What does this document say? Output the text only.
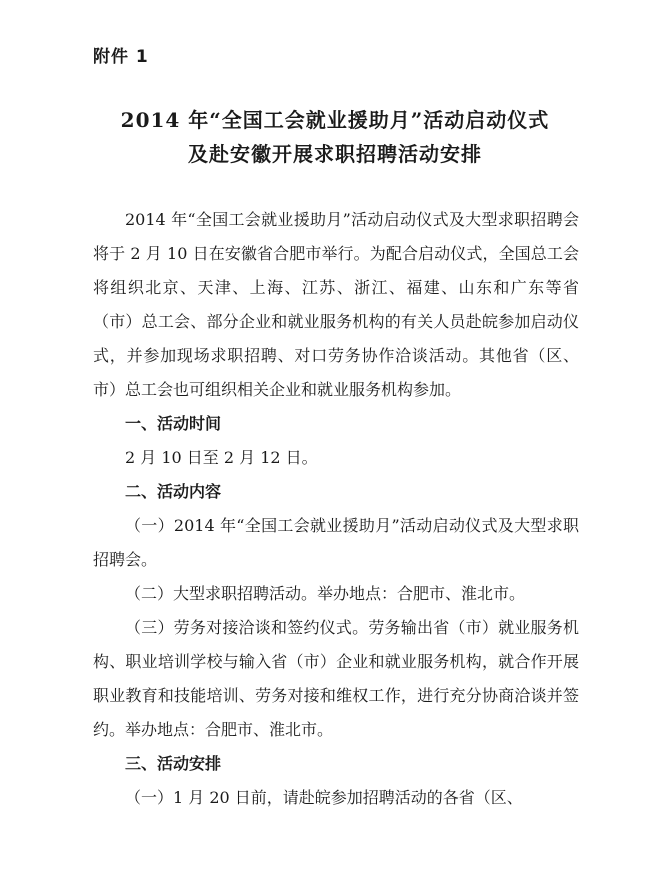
附件 1
2014 年“全国工会就业援助月”活动启动仪式
及赴安徽开展求职招聘活动安排

2014 年“全国工会就业援助月”活动启动仪式及大型求职招聘会将于 2 月 10 日在安徽省合肥市举行。为配合启动仪式，全国总工会将组织北京、天津、上海、江苏、浙江、福建、山东和广东等省（市）总工会、部分企业和就业服务机构的有关人员赴皖参加启动仪式，并参加现场求职招聘、对口劳务协作洽谈活动。其他省（区、市）总工会也可组织相关企业和就业服务机构参加。

一、活动时间

2 月 10 日至 2 月 12 日。

二、活动内容

（一）2014 年“全国工会就业援助月”活动启动仪式及大型求职招聘会。

（二）大型求职招聘活动。举办地点：合肥市、淮北市。

（三）劳务对接洽谈和签约仪式。劳务输出省（市）就业服务机构、职业培训学校与输入省（市）企业和就业服务机构，就合作开展职业教育和技能培训、劳务对接和维权工作，进行充分协商洽谈并签约。举办地点：合肥市、淮北市。

三、活动安排

（一）1 月 20 日前，请赴皖参加招聘活动的各省（区、
